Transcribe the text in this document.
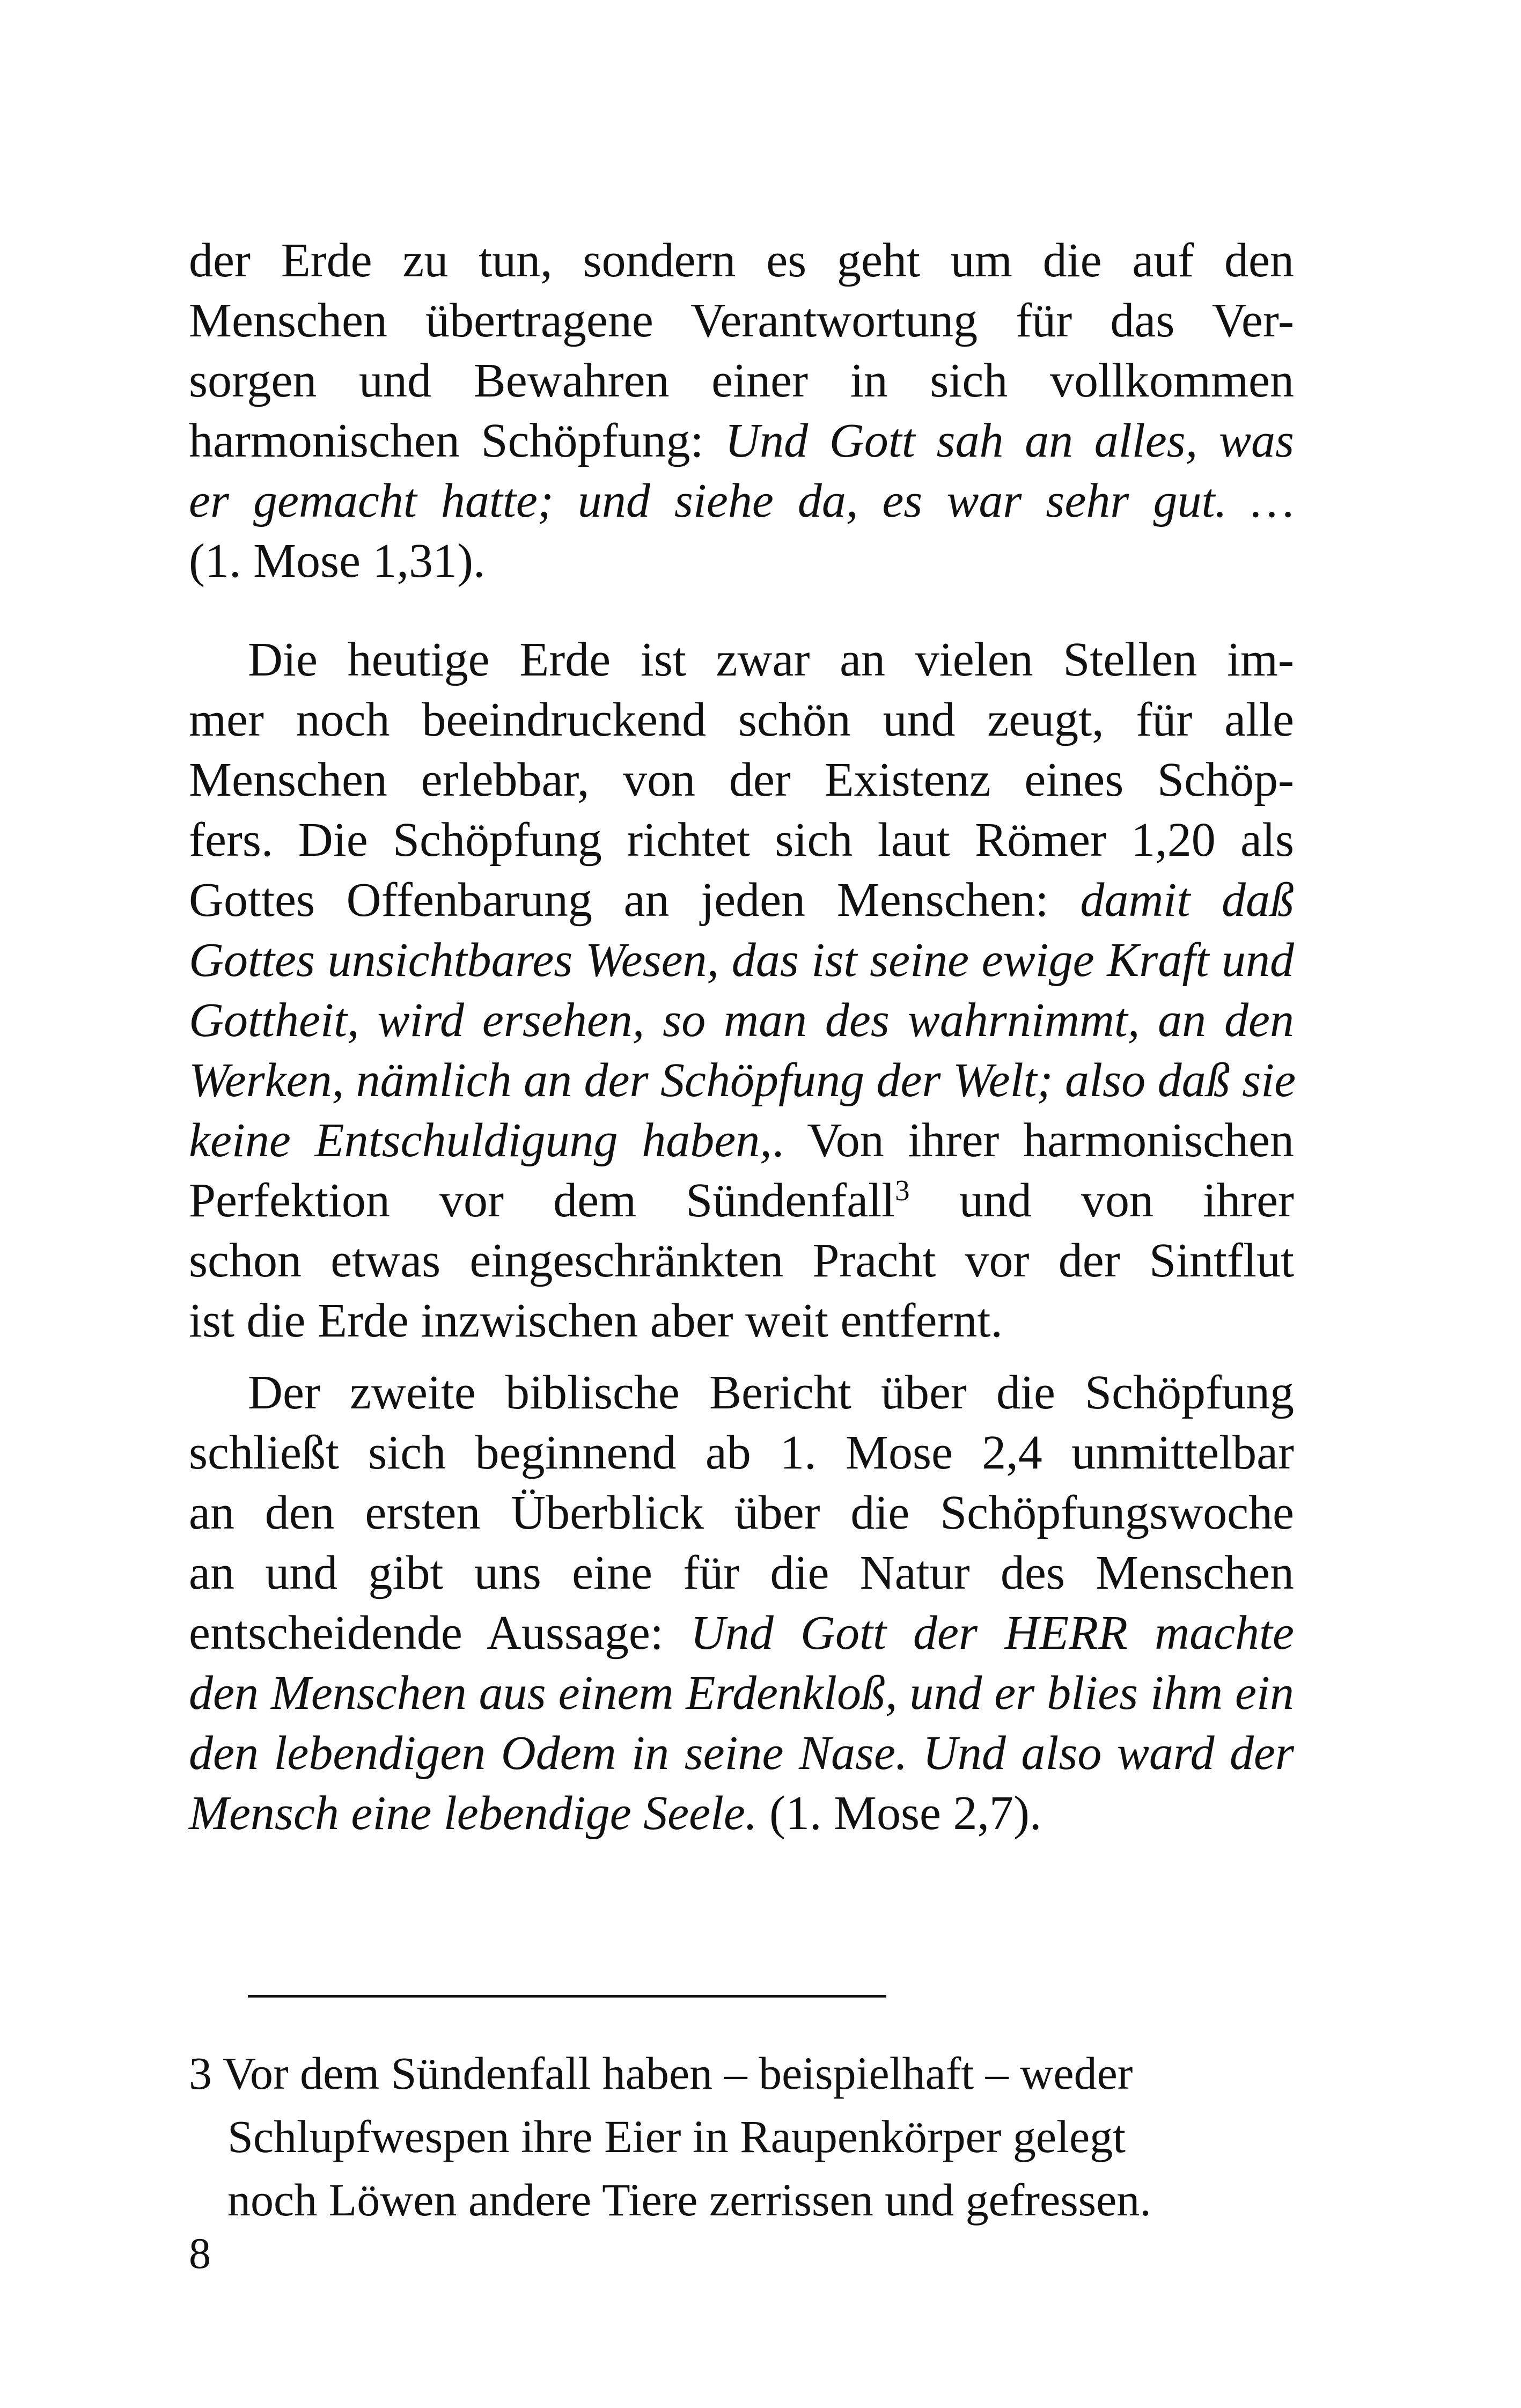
der Erde zu tun, sondern es geht um die auf den
Menschen übertragene Verantwortung für das Ver-
sorgen und Bewahren einer in sich vollkommen
harmonischen Schöpfung: Und Gott sah an alles, was
er gemacht hatte; und siehe da, es war sehr gut. …
(1. Mose 1,31).
Die heutige Erde ist zwar an vielen Stellen im-
mer noch beeindruckend schön und zeugt, für alle
Menschen erlebbar, von der Existenz eines Schöp-
fers. Die Schöpfung richtet sich laut Römer 1,20 als
Gottes Offenbarung an jeden Menschen: damit daß
Gottes unsichtbares Wesen, das ist seine ewige Kraft und
Gottheit, wird ersehen, so man des wahrnimmt, an den
Werken, nämlich an der Schöpfung der Welt; also daß sie
keine Entschuldigung haben,. Von ihrer harmonischen
Perfektion vor dem Sündenfall$^3$ und von ihrer
schon etwas eingeschränkten Pracht vor der Sintflut
ist die Erde inzwischen aber weit entfernt.
Der zweite biblische Bericht über die Schöpfung
schließt sich beginnend ab 1. Mose 2,4 unmittelbar
an den ersten Überblick über die Schöpfungswoche
an und gibt uns eine für die Natur des Menschen
entscheidende Aussage: Und Gott der HERR machte
den Menschen aus einem Erdenkloß, und er blies ihm ein
den lebendigen Odem in seine Nase. Und also ward der
Mensch eine lebendige Seele. (1. Mose 2,7).
3 Vor dem Sündenfall haben – beispielhaft – weder
Schlupfwespen ihre Eier in Raupenkörper gelegt
noch Löwen andere Tiere zerrissen und gefressen.
8
